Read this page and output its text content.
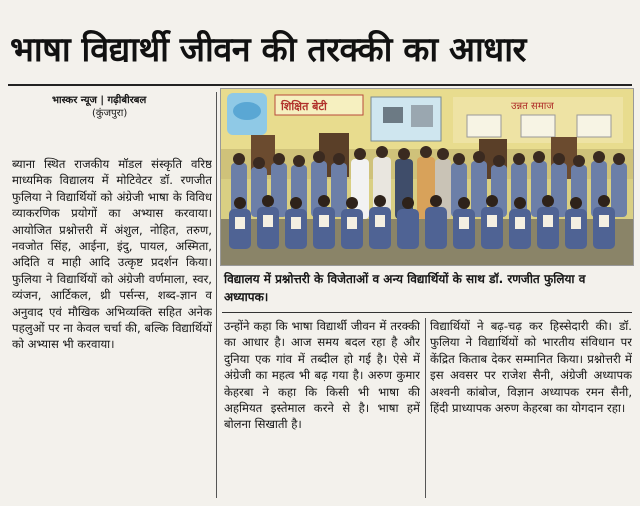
भाषा विद्यार्थी जीवन की तरक्की का आधार
भास्कर न्यूज | गढ़ीबीरबल
(कुंजपुरा)

ब्याना स्थित राजकीय मॉडल संस्कृति वरिष्ठ माध्यमिक विद्यालय में मोटिवेटर डॉ. रणजीत फुलिया ने विद्यार्थियों को अंग्रेजी भाषा के विविध व्याकरणिक प्रयोगों का अभ्यास करवाया। आयोजित प्रश्नोत्तरी में अंशुल, नोहित, तरुण, नवजोत सिंह, आईना, इंदु, पायल, अस्मिता, अदिति व माही आदि उत्कृष्ट प्रदर्शन किया। फुलिया ने विद्यार्थियों को अंग्रेजी वर्णमाला, स्वर, व्यंजन, आर्टिकल, थ्री पर्सन्स, शब्द-ज्ञान व अनुवाद एवं मौखिक अभिव्यक्ति सहित अनेक पहलुओं पर ना केवल चर्चा की, बल्कि विद्यार्थियों को अभ्यास भी करवाया।

शिक्षित बेटी	उन्नत समाज

विद्यालय में प्रश्नोत्तरी के विजेताओं व अन्य विद्यार्थियों के साथ डॉ. रणजीत फुलिया व अध्यापक।

उन्होंने कहा कि भाषा विद्यार्थी जीवन में तरक्की का आधार है। आज समय बदल रहा है और दुनिया एक गांव में तब्दील हो गई है। ऐसे में अंग्रेजी का महत्व भी बढ़ गया है। अरुण कुमार केहरबा ने कहा कि किसी भी भाषा की अहमियत इस्तेमाल करने से है। भाषा हमें बोलना सिखाती है।

विद्यार्थियों ने बढ़-चढ़ कर हिस्सेदारी की। डॉ. फुलिया ने विद्यार्थियों को भारतीय संविधान पर केंद्रित किताब देकर सम्मानित किया। प्रश्नोत्तरी में इस अवसर पर राजेश सैनी, अंग्रेजी अध्यापक अश्वनी कांबोज, विज्ञान अध्यापक रमन सैनी, हिंदी प्राध्यापक अरुण केहरबा का योगदान रहा।
